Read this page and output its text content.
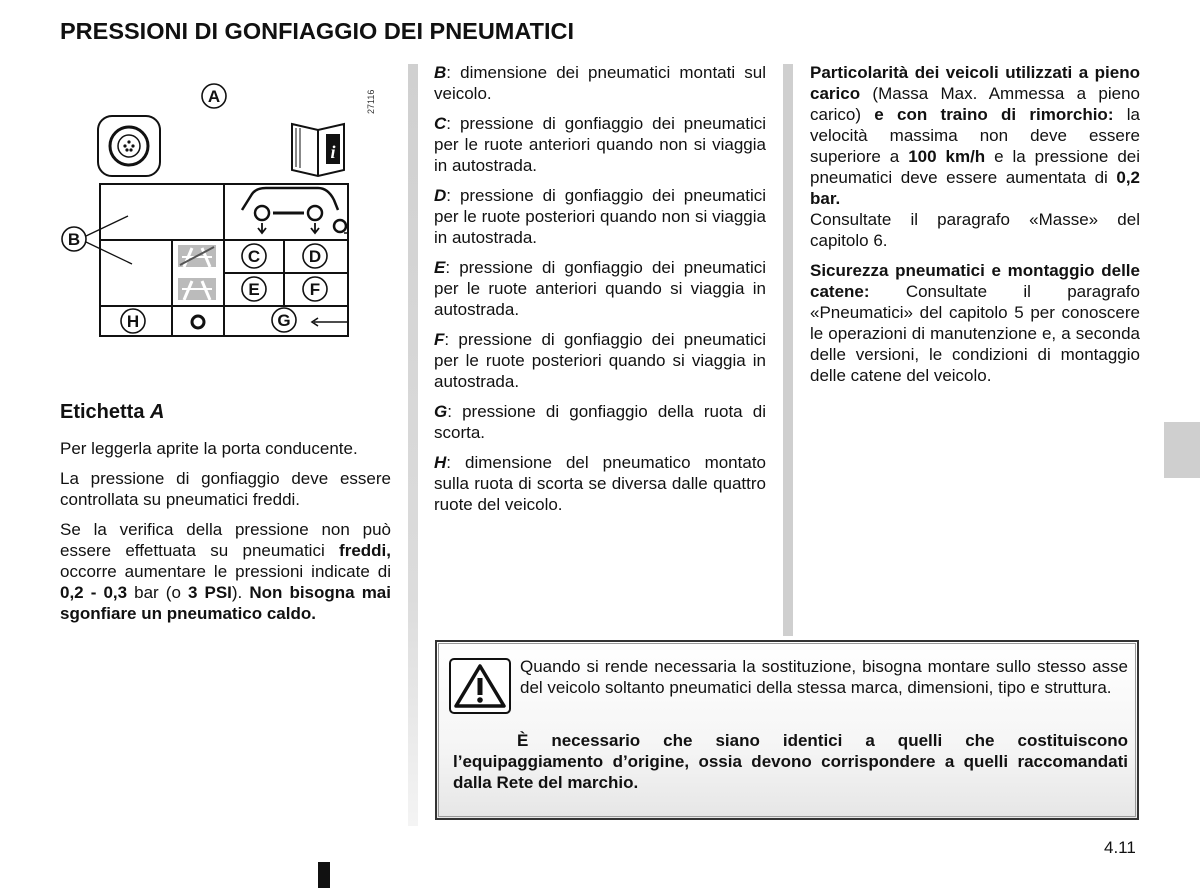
PRESSIONI DI GONFIAGGIO DEI PNEUMATICI
27116
A
i
B
C	D
E	F
H	G
Etichetta A

Per leggerla aprite la porta conducente.

La pressione di gonfiaggio deve essere controllata su pneumatici freddi.

Se la verifica della pressione non può essere effettuata su pneumatici freddi, occorre aumentare le pressioni indicate di 0,2 - 0,3 bar (o 3 PSI). Non bisogna mai sgonfiare un pneumatico caldo.

B: dimensione dei pneumatici montati sul veicolo.

C: pressione di gonfiaggio dei pneumatici per le ruote anteriori quando non si viaggia in autostrada.

D: pressione di gonfiaggio dei pneumatici per le ruote posteriori quando non si viaggia in autostrada.

E: pressione di gonfiaggio dei pneumatici per le ruote anteriori quando si viaggia in autostrada.

F: pressione di gonfiaggio dei pneumatici per le ruote posteriori quando si viaggia in autostrada.

G: pressione di gonfiaggio della ruota di scorta.

H: dimensione del pneumatico montato sulla ruota di scorta se diversa dalle quattro ruote del veicolo.

Particolarità dei veicoli utilizzati a pieno carico (Massa Max. Ammessa a pieno carico) e con traino di rimorchio: la velocità massima non deve essere superiore a 100 km/h e la pressione dei pneumatici deve essere aumentata di 0,2 bar.

Consultate il paragrafo «Masse» del capitolo 6.

Sicurezza pneumatici e montaggio delle catene: Consultate il paragrafo «Pneumatici» del capitolo 5 per conoscere le operazioni di manutenzione e, a seconda delle versioni, le condizioni di montaggio delle catene del veicolo.

Quando si rende necessaria la sostituzione, bisogna montare sullo stesso asse del veicolo soltanto pneumatici della stessa marca, dimensioni, tipo e struttura.

È necessario che siano identici a quelli che costituiscono l’equipaggiamento d’origine, ossia devono corrispondere a quelli raccomandati dalla Rete del marchio.

4.11
